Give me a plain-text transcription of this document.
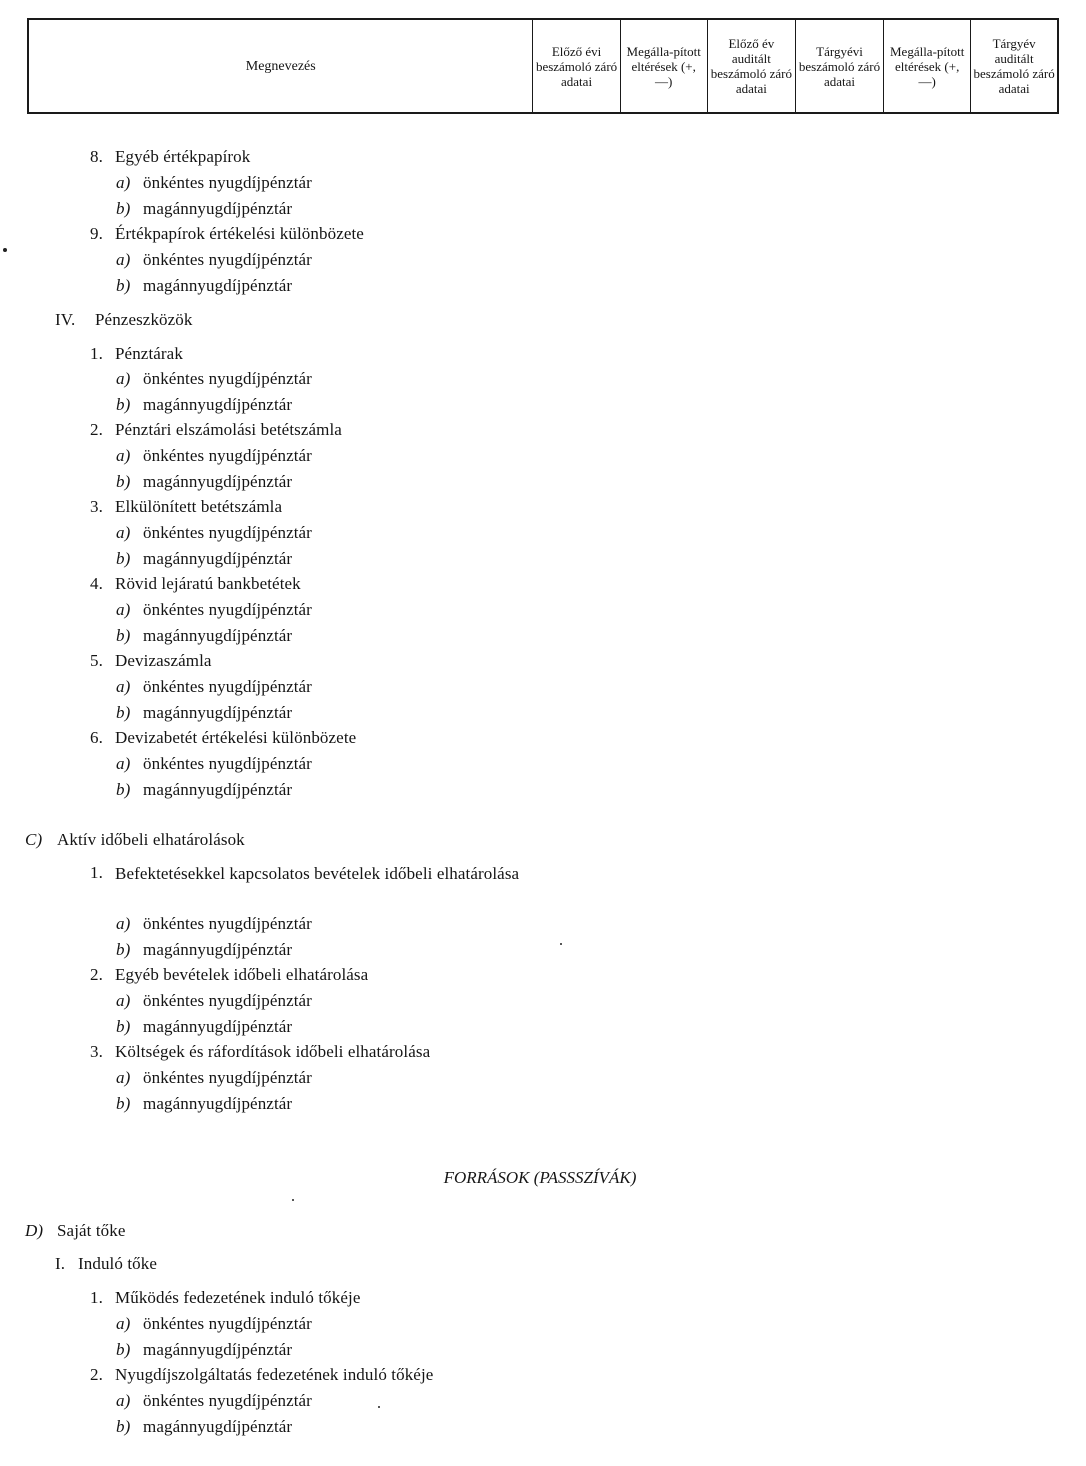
Megnevezés	Előző évi beszámoló záró adatai	Megálla-pított eltérések (+, —)	Előző év auditált beszámoló záró adatai	Tárgyévi beszámoló záró adatai	Megálla-pított eltérések (+, —)	Tárgyév auditált beszámoló záró adatai
8. Egyéb értékpapírok
a) önkéntes nyugdíjpénztár
b) magánnyugdíjpénztár
9. Értékpapírok értékelési különbözete
a) önkéntes nyugdíjpénztár
b) magánnyugdíjpénztár
IV. Pénzeszközök
1. Pénztárak
a) önkéntes nyugdíjpénztár
b) magánnyugdíjpénztár
2. Pénztári elszámolási betétszámla
a) önkéntes nyugdíjpénztár
b) magánnyugdíjpénztár
3. Elkülönített betétszámla
a) önkéntes nyugdíjpénztár
b) magánnyugdíjpénztár
4. Rövid lejáratú bankbetétek
a) önkéntes nyugdíjpénztár
b) magánnyugdíjpénztár
5. Devizaszámla
a) önkéntes nyugdíjpénztár
b) magánnyugdíjpénztár
6. Devizabetét értékelési különbözete
a) önkéntes nyugdíjpénztár
b) magánnyugdíjpénztár
C) Aktív időbeli elhatárolások
1. Befektetésekkel kapcsolatos bevételek időbeli elhatárolása
a) önkéntes nyugdíjpénztár
b) magánnyugdíjpénztár
2. Egyéb bevételek időbeli elhatárolása
a) önkéntes nyugdíjpénztár
b) magánnyugdíjpénztár
3. Költségek és ráfordítások időbeli elhatárolása
a) önkéntes nyugdíjpénztár
b) magánnyugdíjpénztár
FORRÁSOK (PASSSZÍVÁK)
D) Saját tőke
I. Induló tőke
1. Működés fedezetének induló tőkéje
a) önkéntes nyugdíjpénztár
b) magánnyugdíjpénztár
2. Nyugdíjszolgáltatás fedezetének induló tőkéje
a) önkéntes nyugdíjpénztár
b) magánnyugdíjpénztár
